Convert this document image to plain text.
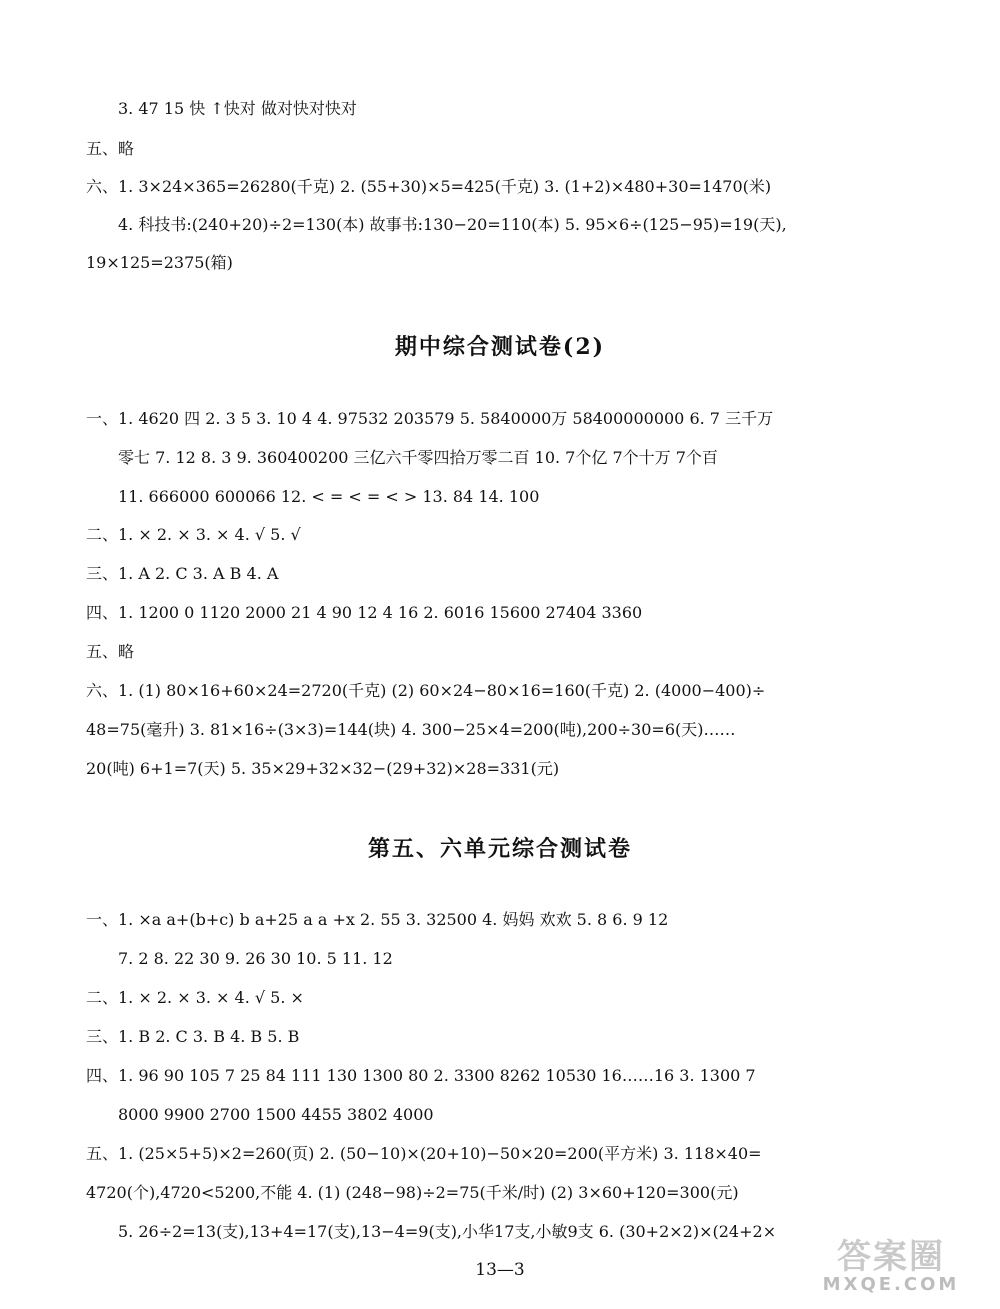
3. 47 15 快 ↑快对 做对快对快对
五、略
六、1. 3×24×365=26280(千克) 2. (55+30)×5=425(千克) 3. (1+2)×480+30=1470(米)
4. 科技书:(240+20)÷2=130(本) 故事书:130−20=110(本) 5. 95×6÷(125−95)=19(天),
19×125=2375(箱)
期中综合测试卷(2)
一、1. 4620 四 2. 3 5 3. 10 4 4. 97532 203579 5. 5840000万 58400000000 6. 7 三千万
零七 7. 12 8. 3 9. 360400200 三亿六千零四拾万零二百 10. 7个亿 7个十万 7个百
11. 666000 600066 12. < = < = < > 13. 84 14. 100
二、1. × 2. × 3. × 4. √ 5. √
三、1. A 2. C 3. A B 4. A
四、1. 1200 0 1120 2000 21 4 90 12 4 16 2. 6016 15600 27404 3360
五、略
六、1. (1) 80×16+60×24=2720(千克) (2) 60×24−80×16=160(千克) 2. (4000−400)÷
48=75(毫升) 3. 81×16÷(3×3)=144(块) 4. 300−25×4=200(吨),200÷30=6(天)……
20(吨) 6+1=7(天) 5. 35×29+32×32−(29+32)×28=331(元)
第五、六单元综合测试卷
一、1. ×a a+(b+c) b a+25 a a +x 2. 55 3. 32500 4. 妈妈 欢欢 5. 8 6. 9 12
7. 2 8. 22 30 9. 26 30 10. 5 11. 12
二、1. × 2. × 3. × 4. √ 5. ×
三、1. B 2. C 3. B 4. B 5. B
四、1. 96 90 105 7 25 84 111 130 1300 80 2. 3300 8262 10530 16……16 3. 1300 7
8000 9900 2700 1500 4455 3802 4000
五、1. (25×5+5)×2=260(页) 2. (50−10)×(20+10)−50×20=200(平方米) 3. 118×40=
4720(个),4720<5200,不能 4. (1) (248−98)÷2=75(千米/时) (2) 3×60+120=300(元)
5. 26÷2=13(支),13+4=17(支),13−4=9(支),小华17支,小敏9支 6. (30+2×2)×(24+2×
13—3	答案圈
MXQE.COM
